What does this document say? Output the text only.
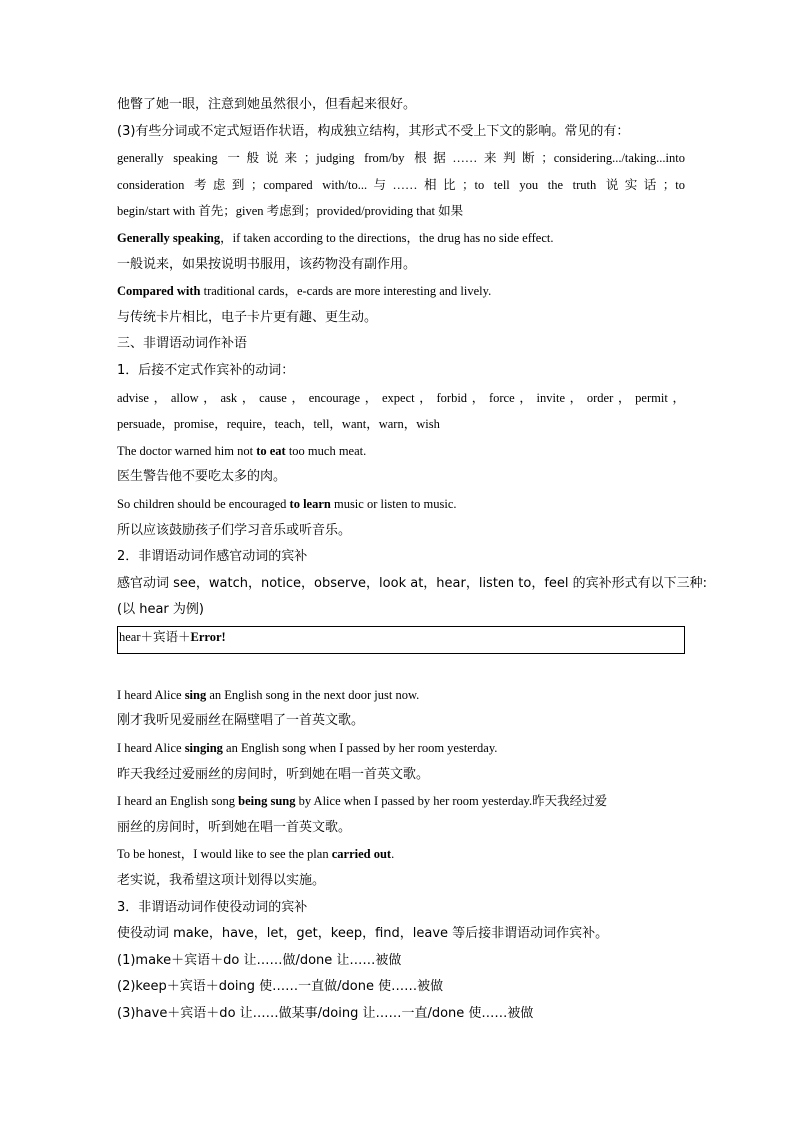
他瞥了她一眼，注意到她虽然很小，但看起来很好。
(3)有些分词或不定式短语作状语，构成独立结构，其形式不受上下文的影响。常见的有：
generally speaking 一般说来；judging from/by 根据……来判断；considering.../taking...into
consideration 考虑到；compared with/to...与……相比；to tell you the truth 说实话；to
begin/start with 首先；given 考虑到；provided/providing that 如果
Generally speaking，if taken according to the directions，the drug has no side effect.
一般说来，如果按说明书服用，该药物没有副作用。
Compared with traditional cards，e-cards are more interesting and lively.
与传统卡片相比，电子卡片更有趣、更生动。
三、非谓语动词作补语
1．后接不定式作宾补的动词：
advise，allow，ask，cause，encourage，expect，forbid，force，invite，order，permit，
persuade，promise，require，teach，tell，want，warn，wish
The doctor warned him not to eat too much meat.
医生警告他不要吃太多的肉。
So children should be encouraged to learn music or listen to music.
所以应该鼓励孩子们学习音乐或听音乐。
2．非谓语动词作感官动词的宾补
感官动词 see，watch，notice，observe，look at，hear，listen to，feel 的宾补形式有以下三种:
(以 hear 为例)
hear＋宾语＋Error!
I heard Alice sing an English song in the next door just now.
刚才我听见爱丽丝在隔壁唱了一首英文歌。
I heard Alice singing an English song when I passed by her room yesterday.
昨天我经过爱丽丝的房间时，听到她在唱一首英文歌。
I heard an English song being sung by Alice when I passed by her room yesterday.昨天我经过爱
丽丝的房间时，听到她在唱一首英文歌。
To be honest，I would like to see the plan carried out.
老实说，我希望这项计划得以实施。
3．非谓语动词作使役动词的宾补
使役动词 make，have，let，get，keep，find，leave 等后接非谓语动词作宾补。
(1)make＋宾语＋do 让……做/done 让……被做
(2)keep＋宾语＋doing 使……一直做/done 使……被做
(3)have＋宾语＋do 让……做某事/doing 让……一直/done 使……被做
